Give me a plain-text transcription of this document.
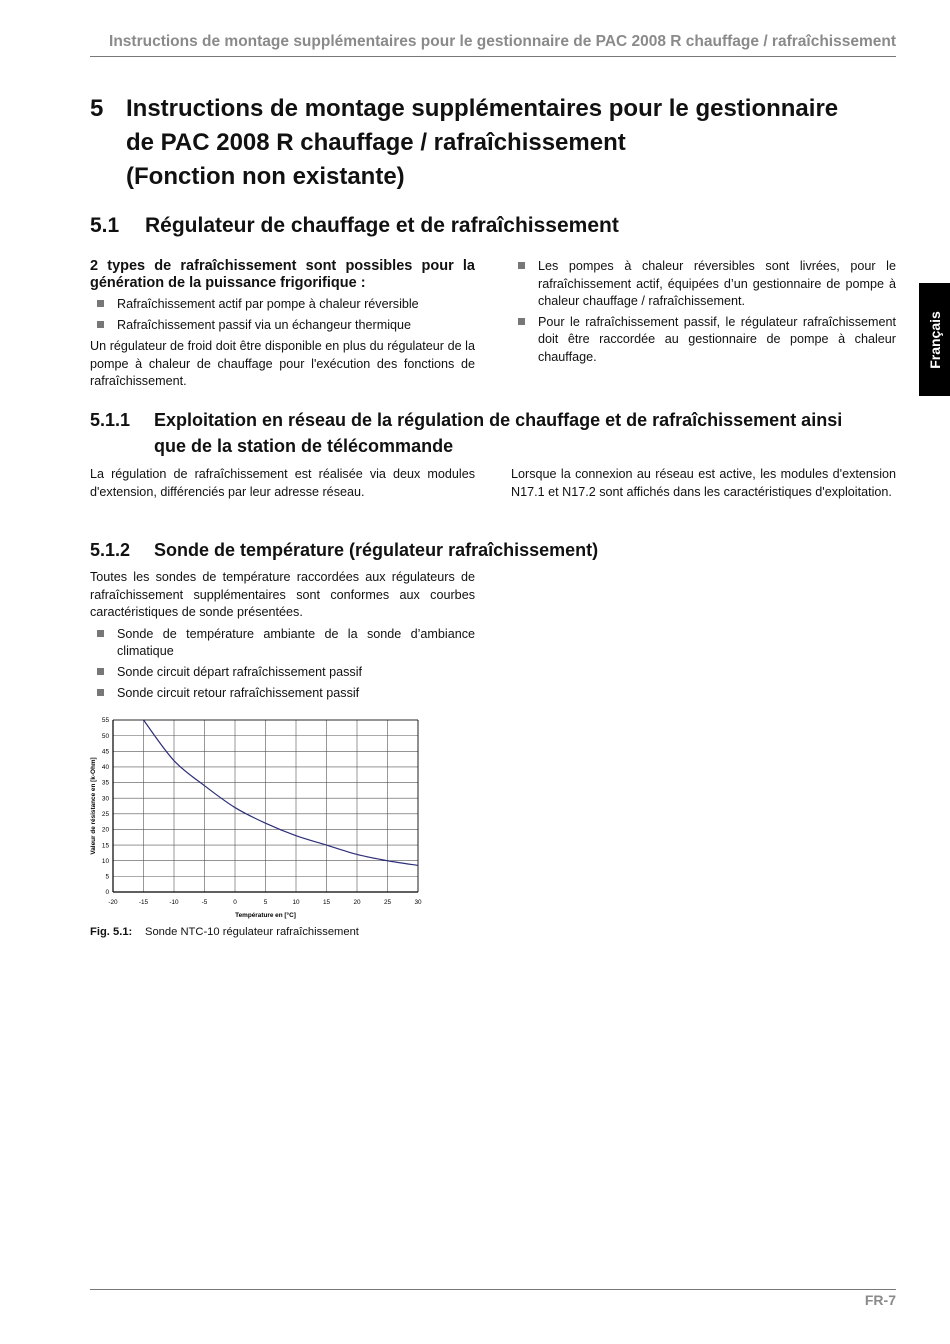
Instructions de montage supplémentaires pour le gestionnaire de PAC 2008 R chauffage / rafraîchissement
Français
5 Instructions de montage supplémentaires pour le gestionnaire
de PAC 2008 R chauffage / rafraîchissement
(Fonction non existante)
5.1 Régulateur de chauffage et de rafraîchissement

2 types de rafraîchissement sont possibles pour la génération de la puissance frigorifique :

Rafraîchissement actif par pompe à chaleur réversible
Rafraîchissement passif via un échangeur thermique

Un régulateur de froid doit être disponible en plus du régulateur de la pompe à chaleur de chauffage pour l'exécution des fonctions de rafraîchissement.

Les pompes à chaleur réversibles sont livrées, pour le rafraîchissement actif, équipées d’un gestionnaire de pompe à chaleur chauffage / rafraîchissement.
Pour le rafraîchissement passif, le régulateur rafraîchissement doit être raccordée au gestionnaire de pompe à chaleur chauffage.
5.1.1 Exploitation en réseau de la régulation de chauffage et de rafraîchissement ainsi
que de la station de télécommande

La régulation de rafraîchissement est réalisée via deux modules d'extension, différenciés par leur adresse réseau.

Lorsque la connexion au réseau est active, les modules d'extension N17.1 et N17.2 sont affichés dans les caractéristiques d'exploitation.

5.1.2 Sonde de température (régulateur rafraîchissement)

Toutes les sondes de température raccordées aux régulateurs de rafraîchissement supplémentaires sont conformes aux courbes caractéristiques de sonde présentées.

Sonde de température ambiante de la sonde d’ambiance climatique
Sonde circuit départ rafraîchissement passif
Sonde circuit retour rafraîchissement passif
-20	-15	-10	-5	0	5	10	15	20	25	30
0
5
10
15
20
25
30
35
40
45
50
55
Température en [°C]
Valeur de résistance en [k-Ohm]
Fig. 5.1: Sonde NTC-10 régulateur rafraîchissement
FR-7
